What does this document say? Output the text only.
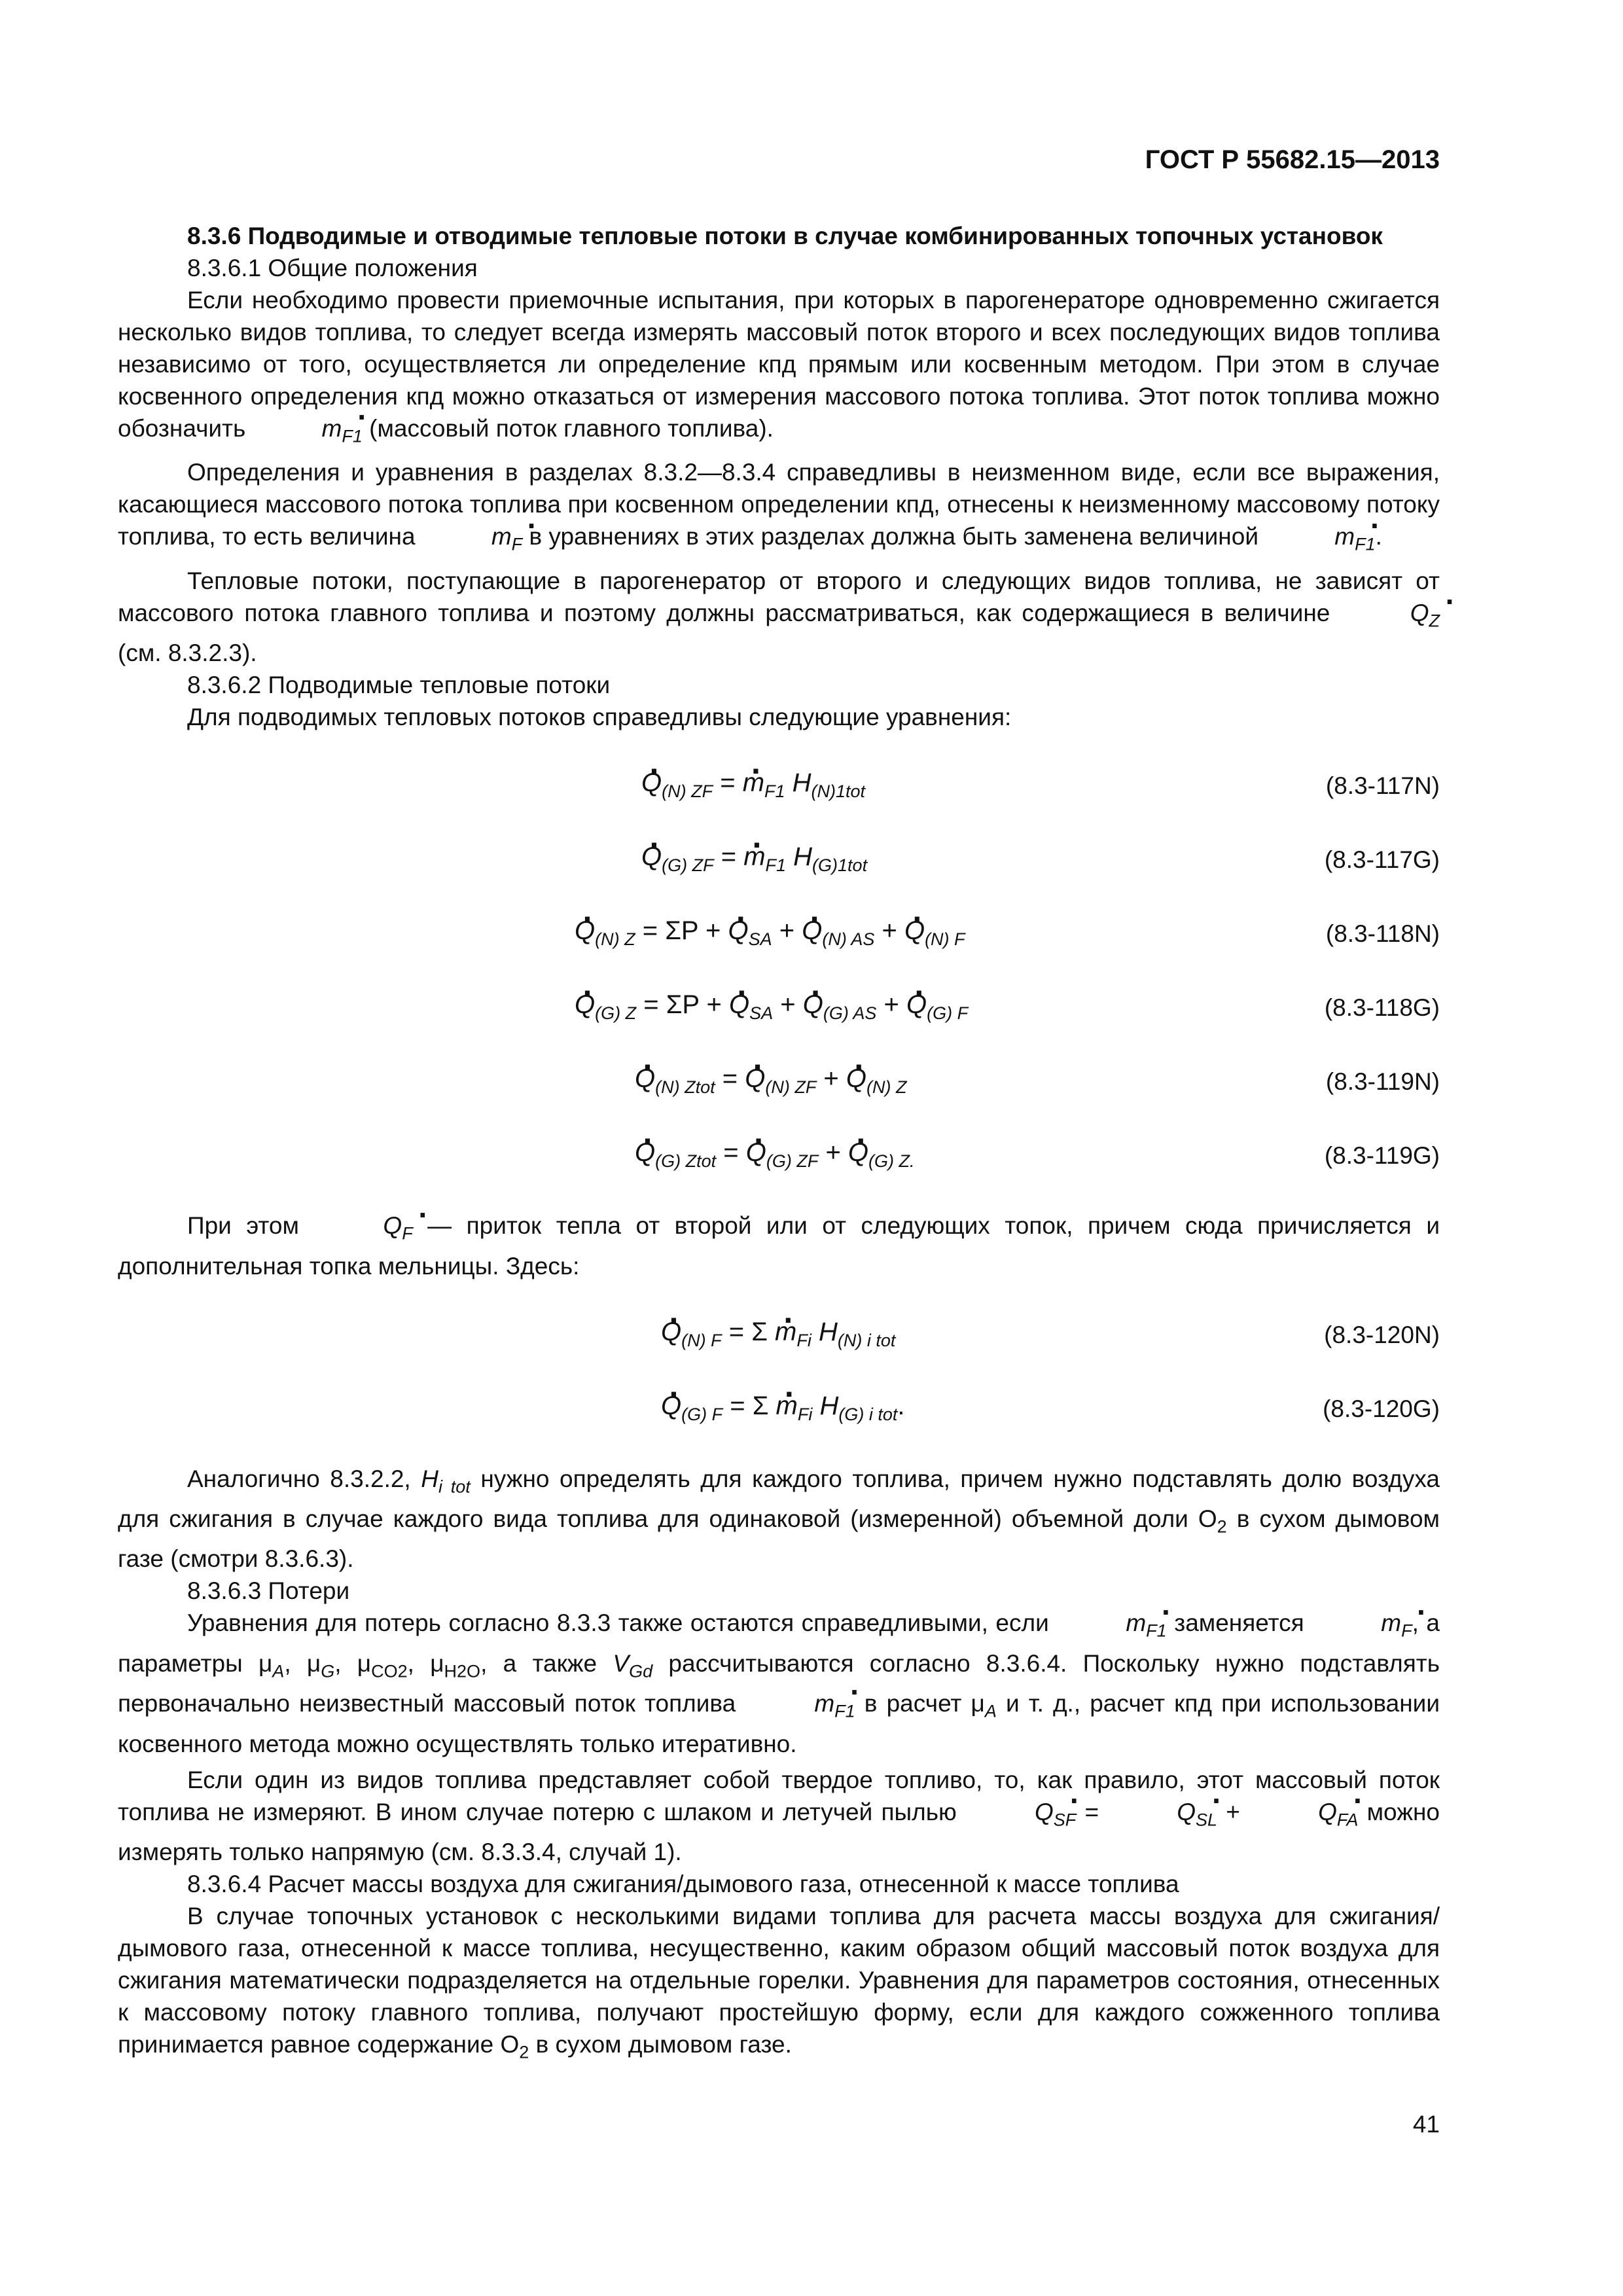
ГОСТ Р 55682.15—2013

8.3.6 Подводимые и отводимые тепловые потоки в случае комбинированных топочных установок

8.3.6.1 Общие положения

Если необходимо провести приемочные испытания, при которых в парогенераторе одновременно сжигается несколько видов топлива, то следует всегда измерять массовый поток второго и всех последующих видов топлива независимо от того, осуществляется ли определение кпд прямым или косвенным методом. При этом в случае косвенного определения кпд можно отказаться от измерения массового потока топлива. Этот поток топлива можно обозначить	. $m_{F1}$ (массовый поток главного топлива).

Определения и уравнения в разделах 8.3.2—8.3.4 справедливы в неизменном виде, если все выражения, касающиеся массового потока топлива при косвенном определении кпд, отнесены к неизменному массовому потоку топлива, то есть величина	. $m_F$ в уравнениях в этих разделах должна быть заменена величиной	. $m_{F1}$.

Тепловые потоки, поступающие в парогенератор от второго и следующих видов топлива, не зависят от массового потока главного топлива и поэтому должны рассматриваться, как содержащиеся в величине	. $Q_Z$ (см. 8.3.2.3).

8.3.6.2 Подводимые тепловые потоки

Для подводимых тепловых потоков справедливы следующие уравнения:

. $Q_{(N) ZF}$ = . $m_{F1}$ $H_{(N)1tot}$	(8.3-117N)
. $Q_{(G) ZF}$ = . $m_{F1}$ $H_{(G)1tot}$	(8.3-117G)
. $Q_{(N) Z} = \Sigma P$ + . $Q_{SA}$ + . $Q_{(N) AS}$ + . $Q_{(N) F}$	(8.3-118N)
. $Q_{(G) Z} = \Sigma P$ + . $Q_{SA}$ + . $Q_{(G) AS}$ + . $Q_{(G) F}$	(8.3-118G)
. $Q_{(N) Ztot}$ = . $Q_{(N) ZF}$ + . $Q_{(N) Z}$	(8.3-119N)
. $Q_{(G) Ztot}$ = . $Q_{(G) ZF}$ + . $Q_{(G) Z.}$	(8.3-119G)

При этом	. $Q_F$ — приток тепла от второй или от следующих топок, причем сюда причисляется и дополнительная топка мельницы. Здесь:

. $Q_{(N) F} = \Sigma$ . $m_{Fi}$ $H_{(N) i tot}$	(8.3-120N)
. $Q_{(G) F} = \Sigma$ . $m_{Fi}$ $H_{(G) i tot}$.	(8.3-120G)

Аналогично 8.3.2.2, $H_{i tot}$ нужно определять для каждого топлива, причем нужно подставлять долю воздуха для сжигания в случае каждого вида топлива для одинаковой (измеренной) объемной доли $O_2$ в сухом дымовом газе (смотри 8.3.6.3).

8.3.6.3 Потери

Уравнения для потерь согласно 8.3.3 также остаются справедливыми, если	. $m_{F1}$ заменяется	. $m_F$, а параметры $\mu_A$, $\mu_G$, $\mu_{CO2}$, $\mu_{H2O}$, а также $V_{Gd}$ рассчитываются согласно 8.3.6.4. Поскольку нужно подставлять первоначально неизвестный массовый поток топлива	. $m_{F1}$ в расчет $\mu_A$ и т. д., расчет кпд при использовании косвенного метода можно осуществлять только итеративно.

Если один из видов топлива представляет собой твердое топливо, то, как правило, этот массовый поток топлива не измеряют. В ином случае потерю с шлаком и летучей пылью	. $Q_{SF}$ =	. $Q_{SL}$ +	. $Q_{FA}$ можно измерять только напрямую (см. 8.3.3.4, случай 1).

8.3.6.4 Расчет массы воздуха для сжигания/дымового газа, отнесенной к массе топлива

В случае топочных установок с несколькими видами топлива для расчета массы воздуха для сжигания/дымового газа, отнесенной к массе топлива, несущественно, каким образом общий массовый поток воздуха для сжигания математически подразделяется на отдельные горелки. Уравнения для параметров состояния, отнесенных к массовому потоку главного топлива, получают простейшую форму, если для каждого сожженного топлива принимается равное содержание $O_2$ в сухом дымовом газе.

41
